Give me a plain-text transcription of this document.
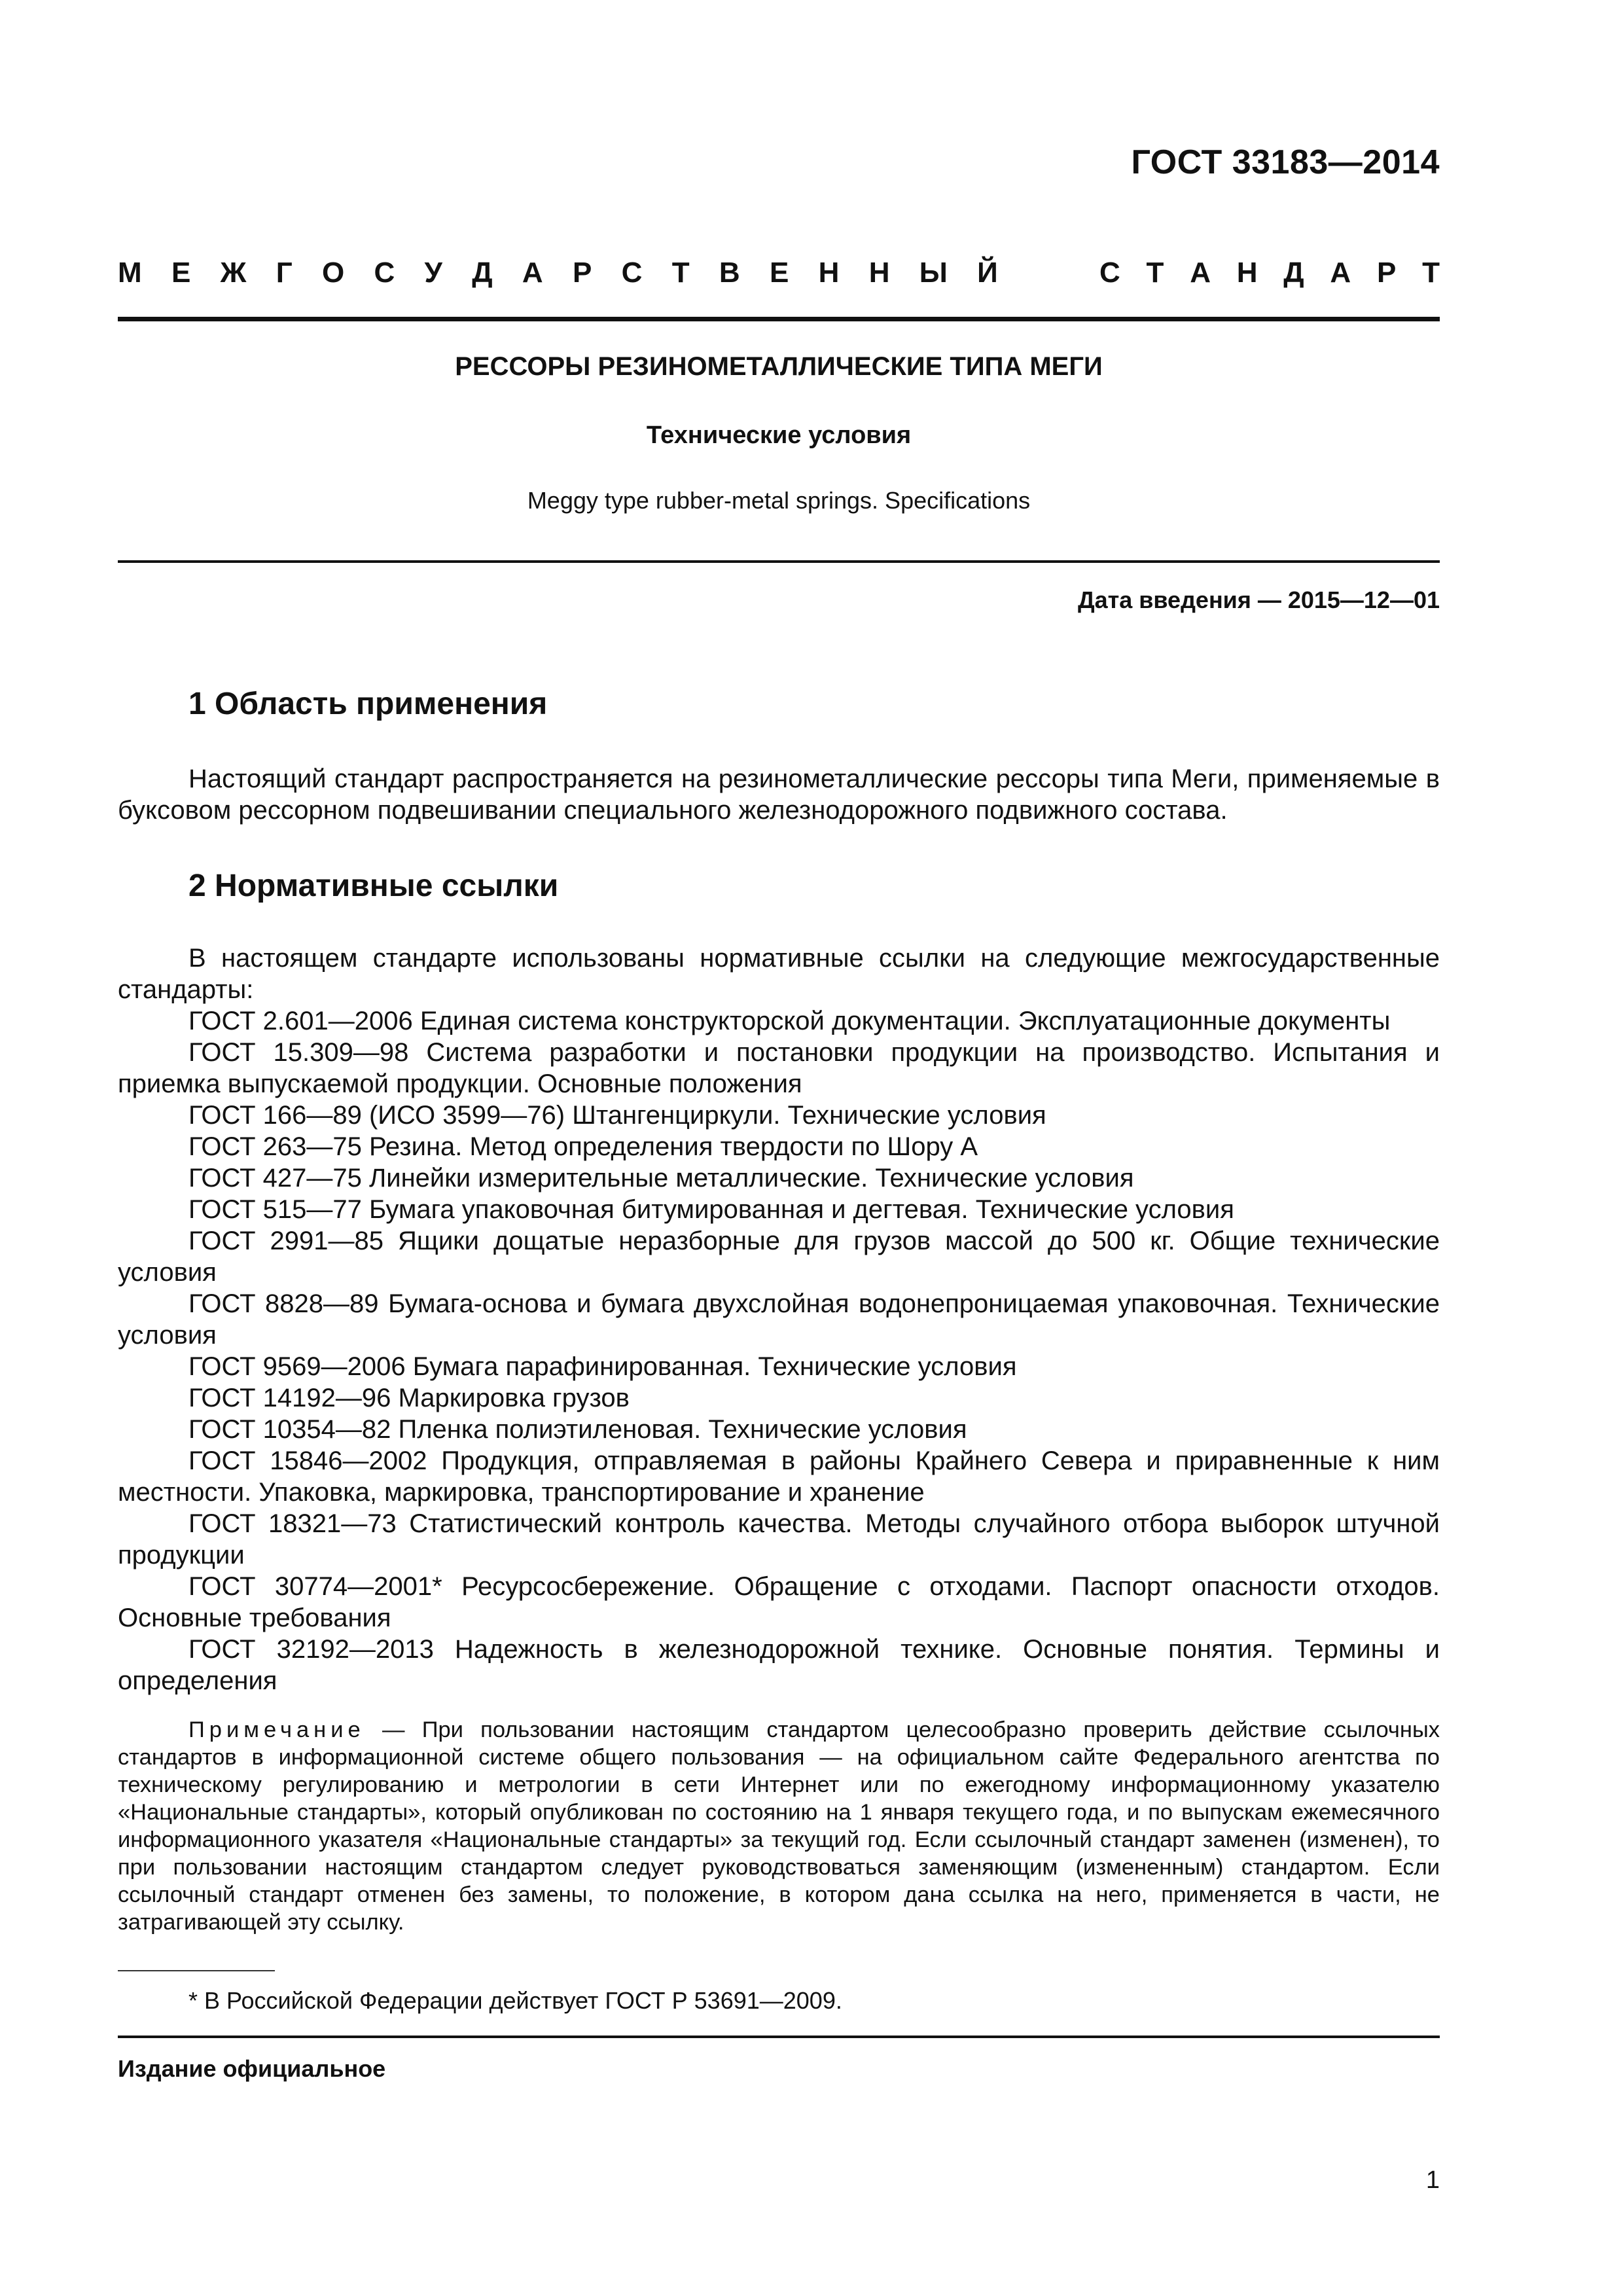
ГОСТ 33183—2014
М Е Ж Г О С У Д А Р С Т В Е Н Н Ы Й	С Т А Н Д А Р Т
РЕССОРЫ РЕЗИНОМЕТАЛЛИЧЕСКИЕ ТИПА МЕГИ
Технические условия
Meggy type rubber-metal springs. Specifications
Дата введения — 2015—12—01
1 Область применения

Настоящий стандарт распространяется на резинометаллические рессоры типа Меги, применяемые в буксовом рессорном подвешивании специального железнодорожного подвижного состава.

2 Нормативные ссылки

В настоящем стандарте использованы нормативные ссылки на следующие межгосударственные стандарты:

ГОСТ 2.601—2006 Единая система конструкторской документации. Эксплуатационные документы

ГОСТ 15.309—98 Система разработки и постановки продукции на производство. Испытания и приемка выпускаемой продукции. Основные положения

ГОСТ 166—89 (ИСО 3599—76) Штангенциркули. Технические условия

ГОСТ 263—75 Резина. Метод определения твердости по Шору А

ГОСТ 427—75 Линейки измерительные металлические. Технические условия

ГОСТ 515—77 Бумага упаковочная битумированная и дегтевая. Технические условия

ГОСТ 2991—85 Ящики дощатые неразборные для грузов массой до 500 кг. Общие технические условия

ГОСТ 8828—89 Бумага-основа и бумага двухслойная водонепроницаемая упаковочная. Технические условия

ГОСТ 9569—2006 Бумага парафинированная. Технические условия

ГОСТ 14192—96 Маркировка грузов

ГОСТ 10354—82 Пленка полиэтиленовая. Технические условия

ГОСТ 15846—2002 Продукция, отправляемая в районы Крайнего Севера и приравненные к ним местности. Упаковка, маркировка, транспортирование и хранение

ГОСТ 18321—73 Статистический контроль качества. Методы случайного отбора выборок штучной продукции

ГОСТ 30774—2001* Ресурсосбережение. Обращение с отходами. Паспорт опасности отходов. Основные требования

ГОСТ 32192—2013 Надежность в железнодорожной технике. Основные понятия. Термины и определения

Примечание — При пользовании настоящим стандартом целесообразно проверить действие ссылочных стандартов в информационной системе общего пользования — на официальном сайте Федерального агентства по техническому регулированию и метрологии в сети Интернет или по ежегодному информационному указателю «Национальные стандарты», который опубликован по состоянию на 1 января текущего года, и по выпускам ежемесячного информационного указателя «Национальные стандарты» за текущий год. Если ссылочный стандарт заменен (изменен), то при пользовании настоящим стандартом следует руководствоваться заменяющим (измененным) стандартом. Если ссылочный стандарт отменен без замены, то положение, в котором дана ссылка на него, применяется в части, не затрагивающей эту ссылку.
* В Российской Федерации действует ГОСТ Р 53691—2009.
Издание официальное
1
